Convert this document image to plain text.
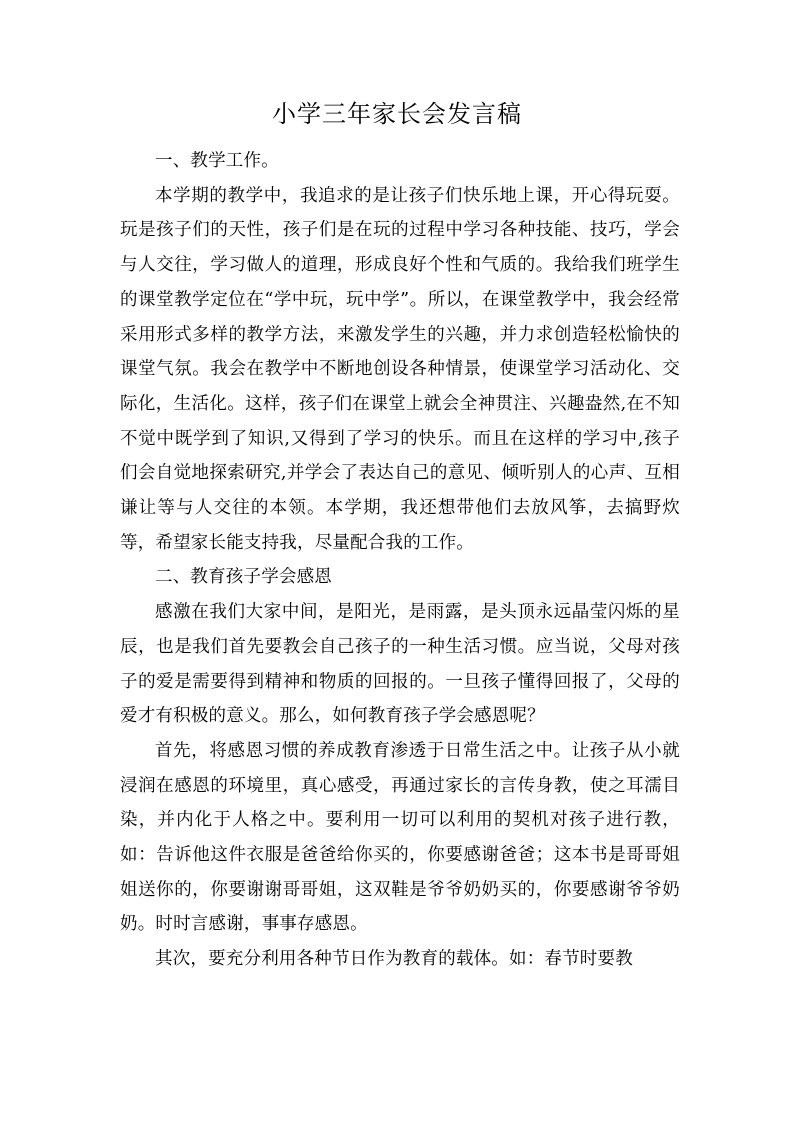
小学三年家长会发言稿

一、教学工作。

本学期的教学中，我追求的是让孩子们快乐地上课，开心得玩耍。玩是孩子们的天性，孩子们是在玩的过程中学习各种技能、技巧，学会与人交往，学习做人的道理，形成良好个性和气质的。我给我们班学生的课堂教学定位在“学中玩，玩中学”。所以，在课堂教学中，我会经常采用形式多样的教学方法，来激发学生的兴趣，并力求创造轻松愉快的课堂气氛。我会在教学中不断地创设各种情景，使课堂学习活动化、交际化，生活化。这样，孩子们在课堂上就会全神贯注、兴趣盎然,在不知不觉中既学到了知识,又得到了学习的快乐。而且在这样的学习中,孩子们会自觉地探索研究,并学会了表达自己的意见、倾听别人的心声、互相谦让等与人交往的本领。本学期，我还想带他们去放风筝，去搞野炊等，希望家长能支持我，尽量配合我的工作。

二、教育孩子学会感恩

感激在我们大家中间，是阳光，是雨露，是头顶永远晶莹闪烁的星辰，也是我们首先要教会自己孩子的一种生活习惯。应当说，父母对孩子的爱是需要得到精神和物质的回报的。一旦孩子懂得回报了，父母的爱才有积极的意义。那么，如何教育孩子学会感恩呢？

首先，将感恩习惯的养成教育渗透于日常生活之中。让孩子从小就浸润在感恩的环境里，真心感受，再通过家长的言传身教，使之耳濡目染，并内化于人格之中。要利用一切可以利用的契机对孩子进行教，如：告诉他这件衣服是爸爸给你买的，你要感谢爸爸；这本书是哥哥姐姐送你的，你要谢谢哥哥姐，这双鞋是爷爷奶奶买的，你要感谢爷爷奶奶。时时言感谢，事事存感恩。

其次，要充分利用各种节日作为教育的载体。如：春节时要教
